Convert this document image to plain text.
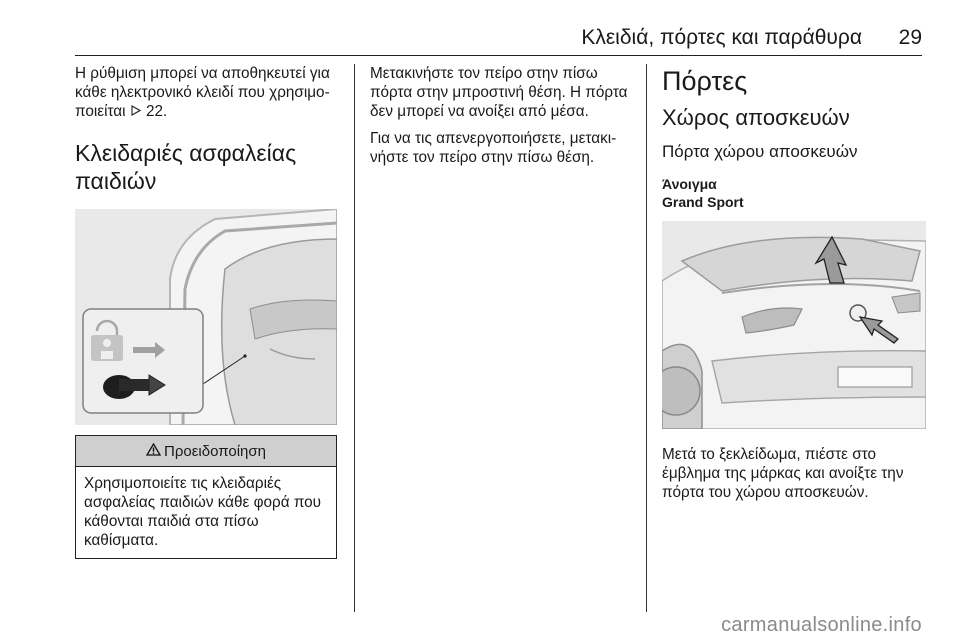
Κλειδιά, πόρτες και παράθυρα 29

Η ρύθμιση μπορεί να αποθηκευτεί για κάθε ηλεκτρονικό κλειδί που χρησιμοποιείται 22.

Κλειδαριές ασφαλείας παιδιών
Προειδοποίηση
Χρησιμοποιείτε τις κλειδαριές ασφαλείας παιδιών κάθε φορά που κάθονται παιδιά στα πίσω καθίσματα.

Μετακινήστε τον πείρο στην πίσω πόρτα στην μπροστινή θέση. Η πόρτα δεν μπορεί να ανοίξει από μέσα.

Για να τις απενεργοποιήσετε, μετακινήστε τον πείρο στην πίσω θέση.

Πόρτες
Χώρος αποσκευών
Πόρτα χώρου αποσκευών
Άνοιγμα
Grand Sport

Μετά το ξεκλείδωμα, πιέστε στο έμβλημα της μάρκας και ανοίξτε την πόρτα του χώρου αποσκευών.

carmanualsonline.info
